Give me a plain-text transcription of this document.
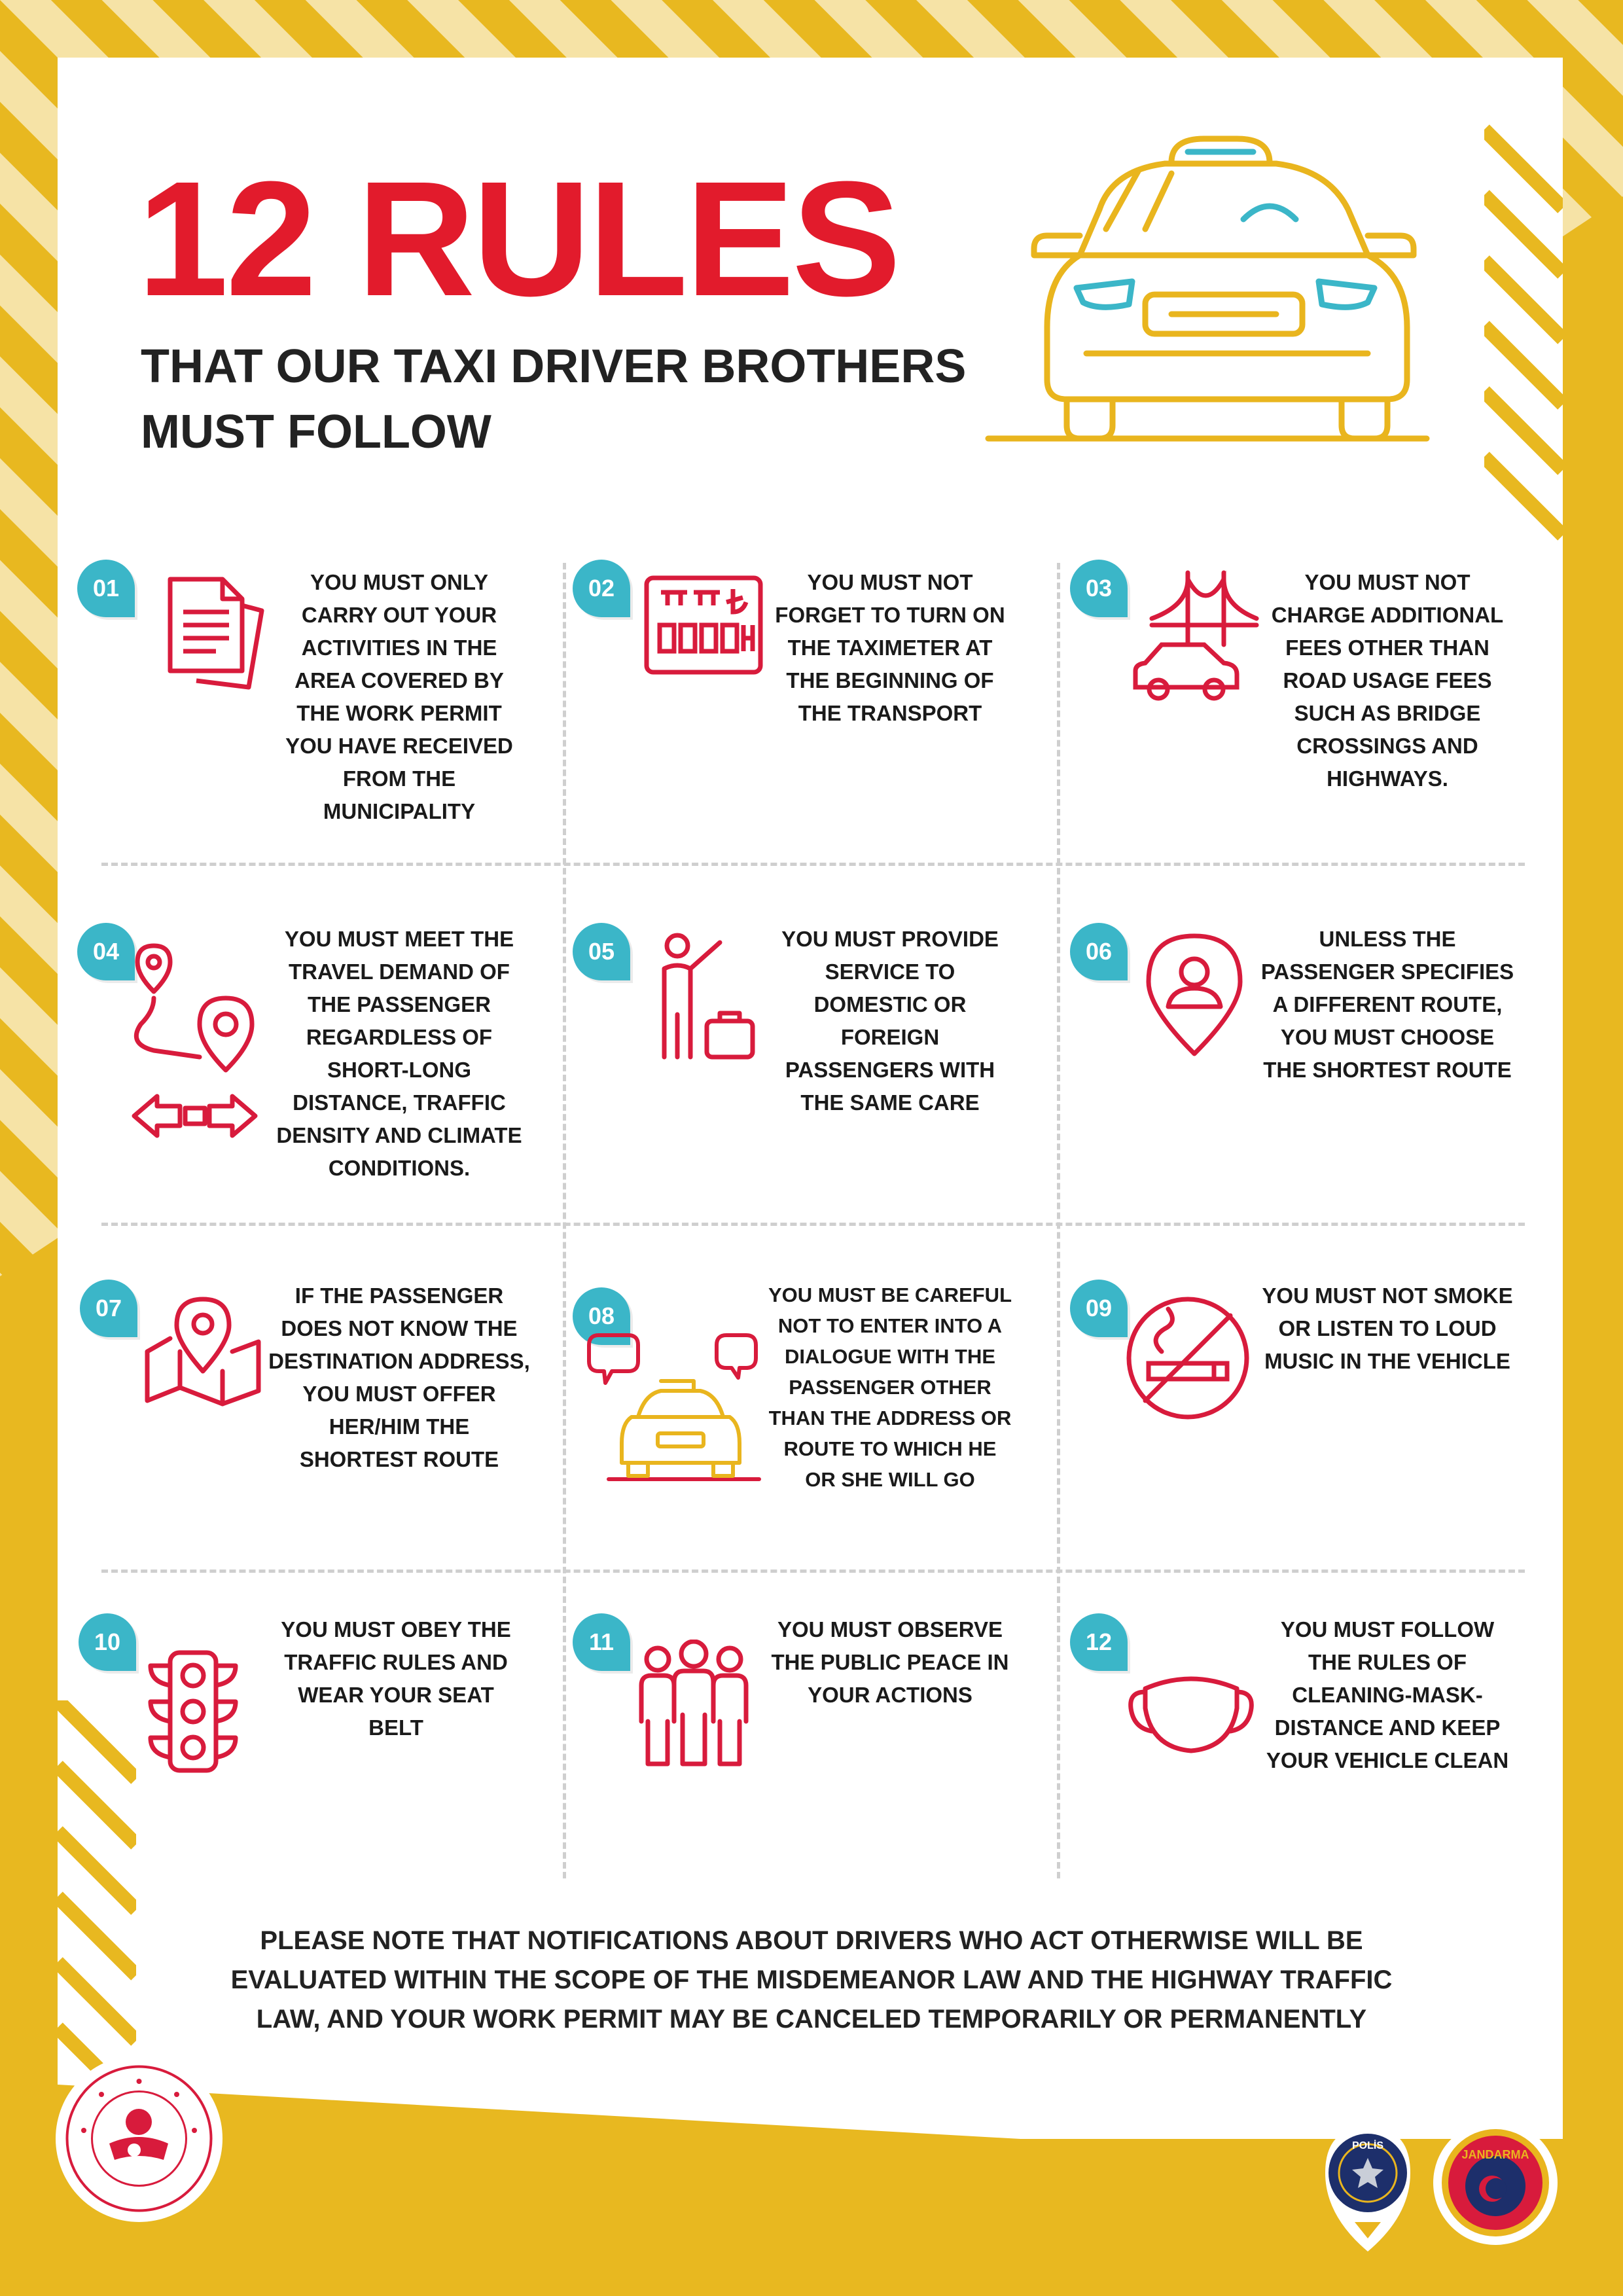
12 RULES
THAT OUR TAXI DRIVER BROTHERS MUST FOLLOW
01	YOU MUST ONLY CARRY OUT YOUR ACTIVITIES IN THE AREA COVERED BY THE WORK PERMIT YOU HAVE RECEIVED FROM THE MUNICIPALITY
02	YOU MUST NOT FORGET TO TURN ON THE TAXIMETER AT THE BEGINNING OF THE TRANSPORT
03	YOU MUST NOT CHARGE ADDITIONAL FEES OTHER THAN ROAD USAGE FEES SUCH AS BRIDGE CROSSINGS AND HIGHWAYS.
04	YOU MUST MEET THE TRAVEL DEMAND OF THE PASSENGER REGARDLESS OF SHORT-LONG DISTANCE, TRAFFIC DENSITY AND CLIMATE CONDITIONS.
05	YOU MUST PROVIDE SERVICE TO DOMESTIC OR FOREIGN PASSENGERS WITH THE SAME CARE
06	UNLESS THE PASSENGER SPECIFIES A DIFFERENT ROUTE, YOU MUST CHOOSE THE SHORTEST ROUTE
07	IF THE PASSENGER DOES NOT KNOW THE DESTINATION ADDRESS, YOU MUST OFFER HER/HIM THE SHORTEST ROUTE
08
YOU MUST BE CAREFUL NOT TO ENTER INTO A DIALOGUE WITH THE PASSENGER OTHER THAN THE ADDRESS OR ROUTE TO WHICH HE OR SHE WILL GO
09	YOU MUST NOT SMOKE OR LISTEN TO LOUD MUSIC IN THE VEHICLE
10	YOU MUST OBEY THE TRAFFIC RULES AND WEAR YOUR SEAT BELT
11	YOU MUST OBSERVE THE PUBLIC PEACE IN YOUR ACTIONS
12	YOU MUST FOLLOW THE RULES OF CLEANING-MASK-DISTANCE AND KEEP YOUR VEHICLE CLEAN
PLEASE NOTE THAT NOTIFICATIONS ABOUT DRIVERS WHO ACT OTHERWISE WILL BE EVALUATED WITHIN THE SCOPE OF THE MISDEMEANOR LAW AND THE HIGHWAY TRAFFIC LAW, AND YOUR WORK PERMIT MAY BE CANCELED TEMPORARILY OR PERMANENTLY
POLİS
JANDARMA
